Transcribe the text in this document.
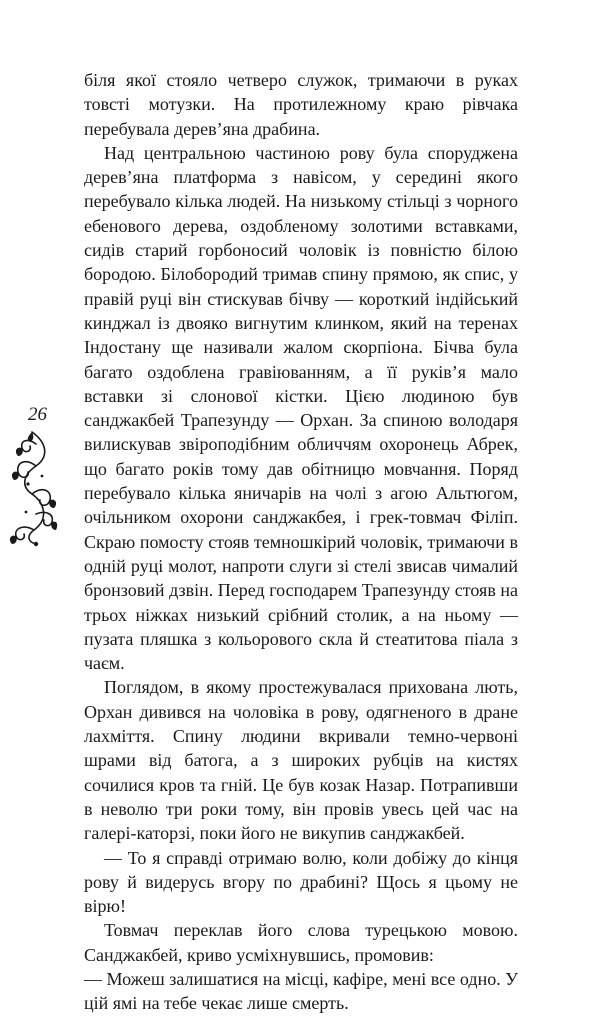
біля якої стояло четверо служок, тримаючи в руках товсті мотузки. На протилежному краю рівчака перебувала дерев’яна драбина.

Над центральною частиною рову була споруджена дерев’яна платформа з навісом, у середині якого перебувало кілька людей. На низькому стільці з чорного ебенового дерева, оздобленому золотими вставками, сидів старий горбоносий чоловік із повністю білою бородою. Білобородий тримав спину прямою, як спис, у правій руці він стискував бічву — короткий індійський кинджал із двояко вигнутим клинком, який на теренах Індостану ще називали жалом скорпіона. Бічва була багато оздоблена гравіюванням, а її руків’я мало вставки зі слонової кістки. Цією людиною був санджакбей Трапезунду — Орхан. За спиною володаря вилискував звіроподібним обличчям охоронець Абрек, що багато років тому дав обітницю мовчання. Поряд перебувало кілька яничарів на чолі з агою Альтюгом, очільником охорони санджакбея, і грек-товмач Філіп. Скраю помосту стояв темношкірий чоловік, тримаючи в одній руці молот, напроти слуги зі стелі звисав чималий бронзовий дзвін. Перед господарем Трапезунду стояв на трьох ніжках низький срібний столик, а на ньому — пузата пляшка з кольорового скла й стеатитова піала з чаєм.

Поглядом, в якому простежувалася прихована лють, Орхан дивився на чоловіка в рову, одягненого в дране лахміття. Спину людини вкривали темно-червоні шрами від батога, а з широких рубців на кистях сочилися кров та гній. Це був козак Назар. Потрапивши в неволю три роки тому, він провів увесь цей час на галері-каторзі, поки його не викупив санджакбей.

— То я справді отримаю волю, коли добіжу до кінця рову й видерусь вгору по драбині? Щось я цьому не вірю!

Товмач переклав його слова турецькою мовою. Санджакбей, криво усміхнувшись, промовив:

— Можеш залишатися на місці, кафіре, мені все одно. У цій ямі на тебе чекає лише смерть.

26
